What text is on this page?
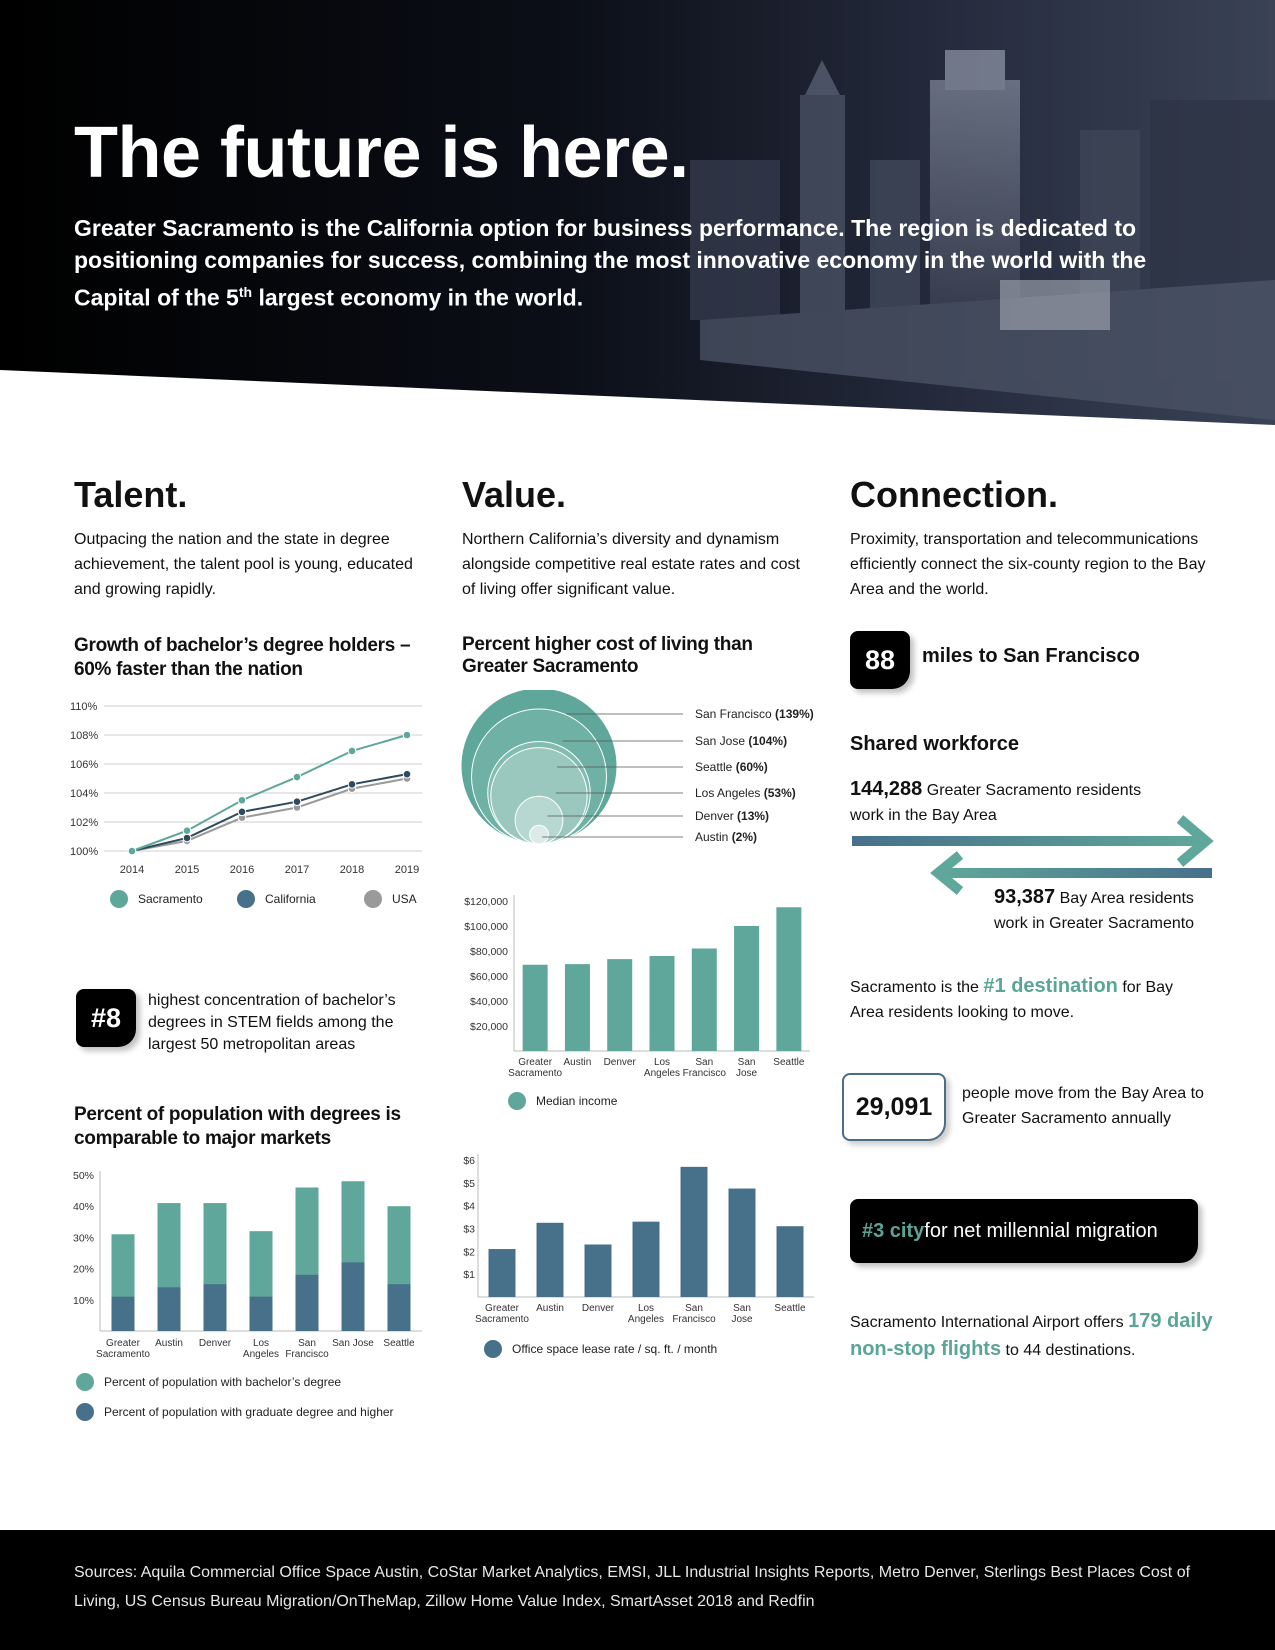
The future is here.
Greater Sacramento is the California option for business performance. The region is dedicated to positioning companies for success, combining the most innovative economy in the world with the Capital of the 5th largest economy in the world.
Talent.
Outpacing the nation and the state in degree achievement, the talent pool is young, educated and growing rapidly.
Growth of bachelor’s degree holders – 60% faster than the nation
100%
102%
104%
106%
108%
110%
2014	2015	2016	2017	2018	2019
Sacramento	California	USA
#8
highest concentration of bachelor’s degrees in STEM fields among the largest 50 metropolitan areas
Percent of population with degrees is comparable to major markets
10%
20%
30%
40%
50%
Greater
Sacramento
Austin Denver Los
Angeles
San
Francisco
San Jose Seattle
Percent of population with bachelor’s degree
Percent of population with graduate degree and higher
Value.
Northern California’s diversity and dynamism alongside competitive real estate rates and cost of living offer significant value.
Percent higher cost of living than Greater Sacramento
San Francisco (139%)
San Jose (104%)
Seattle (60%)
Los Angeles (53%)
Denver (13%)
Austin (2%)
$20,000
$40,000
$60,000
$80,000
$100,000
$120,000
Greater
Sacramento
Austin Denver Los
Angeles
San
Francisco
San
Jose
Seattle
Median income
$1
$2
$3
$4
$5
$6
Greater
Sacramento
Austin Denver Los
Angeles
San
Francisco
San
Jose
Seattle
Office space lease rate / sq. ft. / month
Connection.
Proximity, transportation and telecommunications efficiently connect the six-county region to the Bay Area and the world.
88	miles to San Francisco
Shared workforce
144,288 Greater Sacramento residents
work in the Bay Area
93,387 Bay Area residents
work in Greater Sacramento
Sacramento is the #1 destination for Bay Area residents looking to move.
29,091	people move from the Bay Area to Greater Sacramento annually
#3 city for net millennial migration
Sacramento International Airport offers 179 daily non-stop flights to 44 destinations.
Sources: Aquila Commercial Office Space Austin, CoStar Market Analytics, EMSI, JLL Industrial Insights Reports, Metro Denver, Sterlings Best Places Cost of Living, US Census Bureau Migration/OnTheMap, Zillow Home Value Index, SmartAsset 2018 and Redfin
